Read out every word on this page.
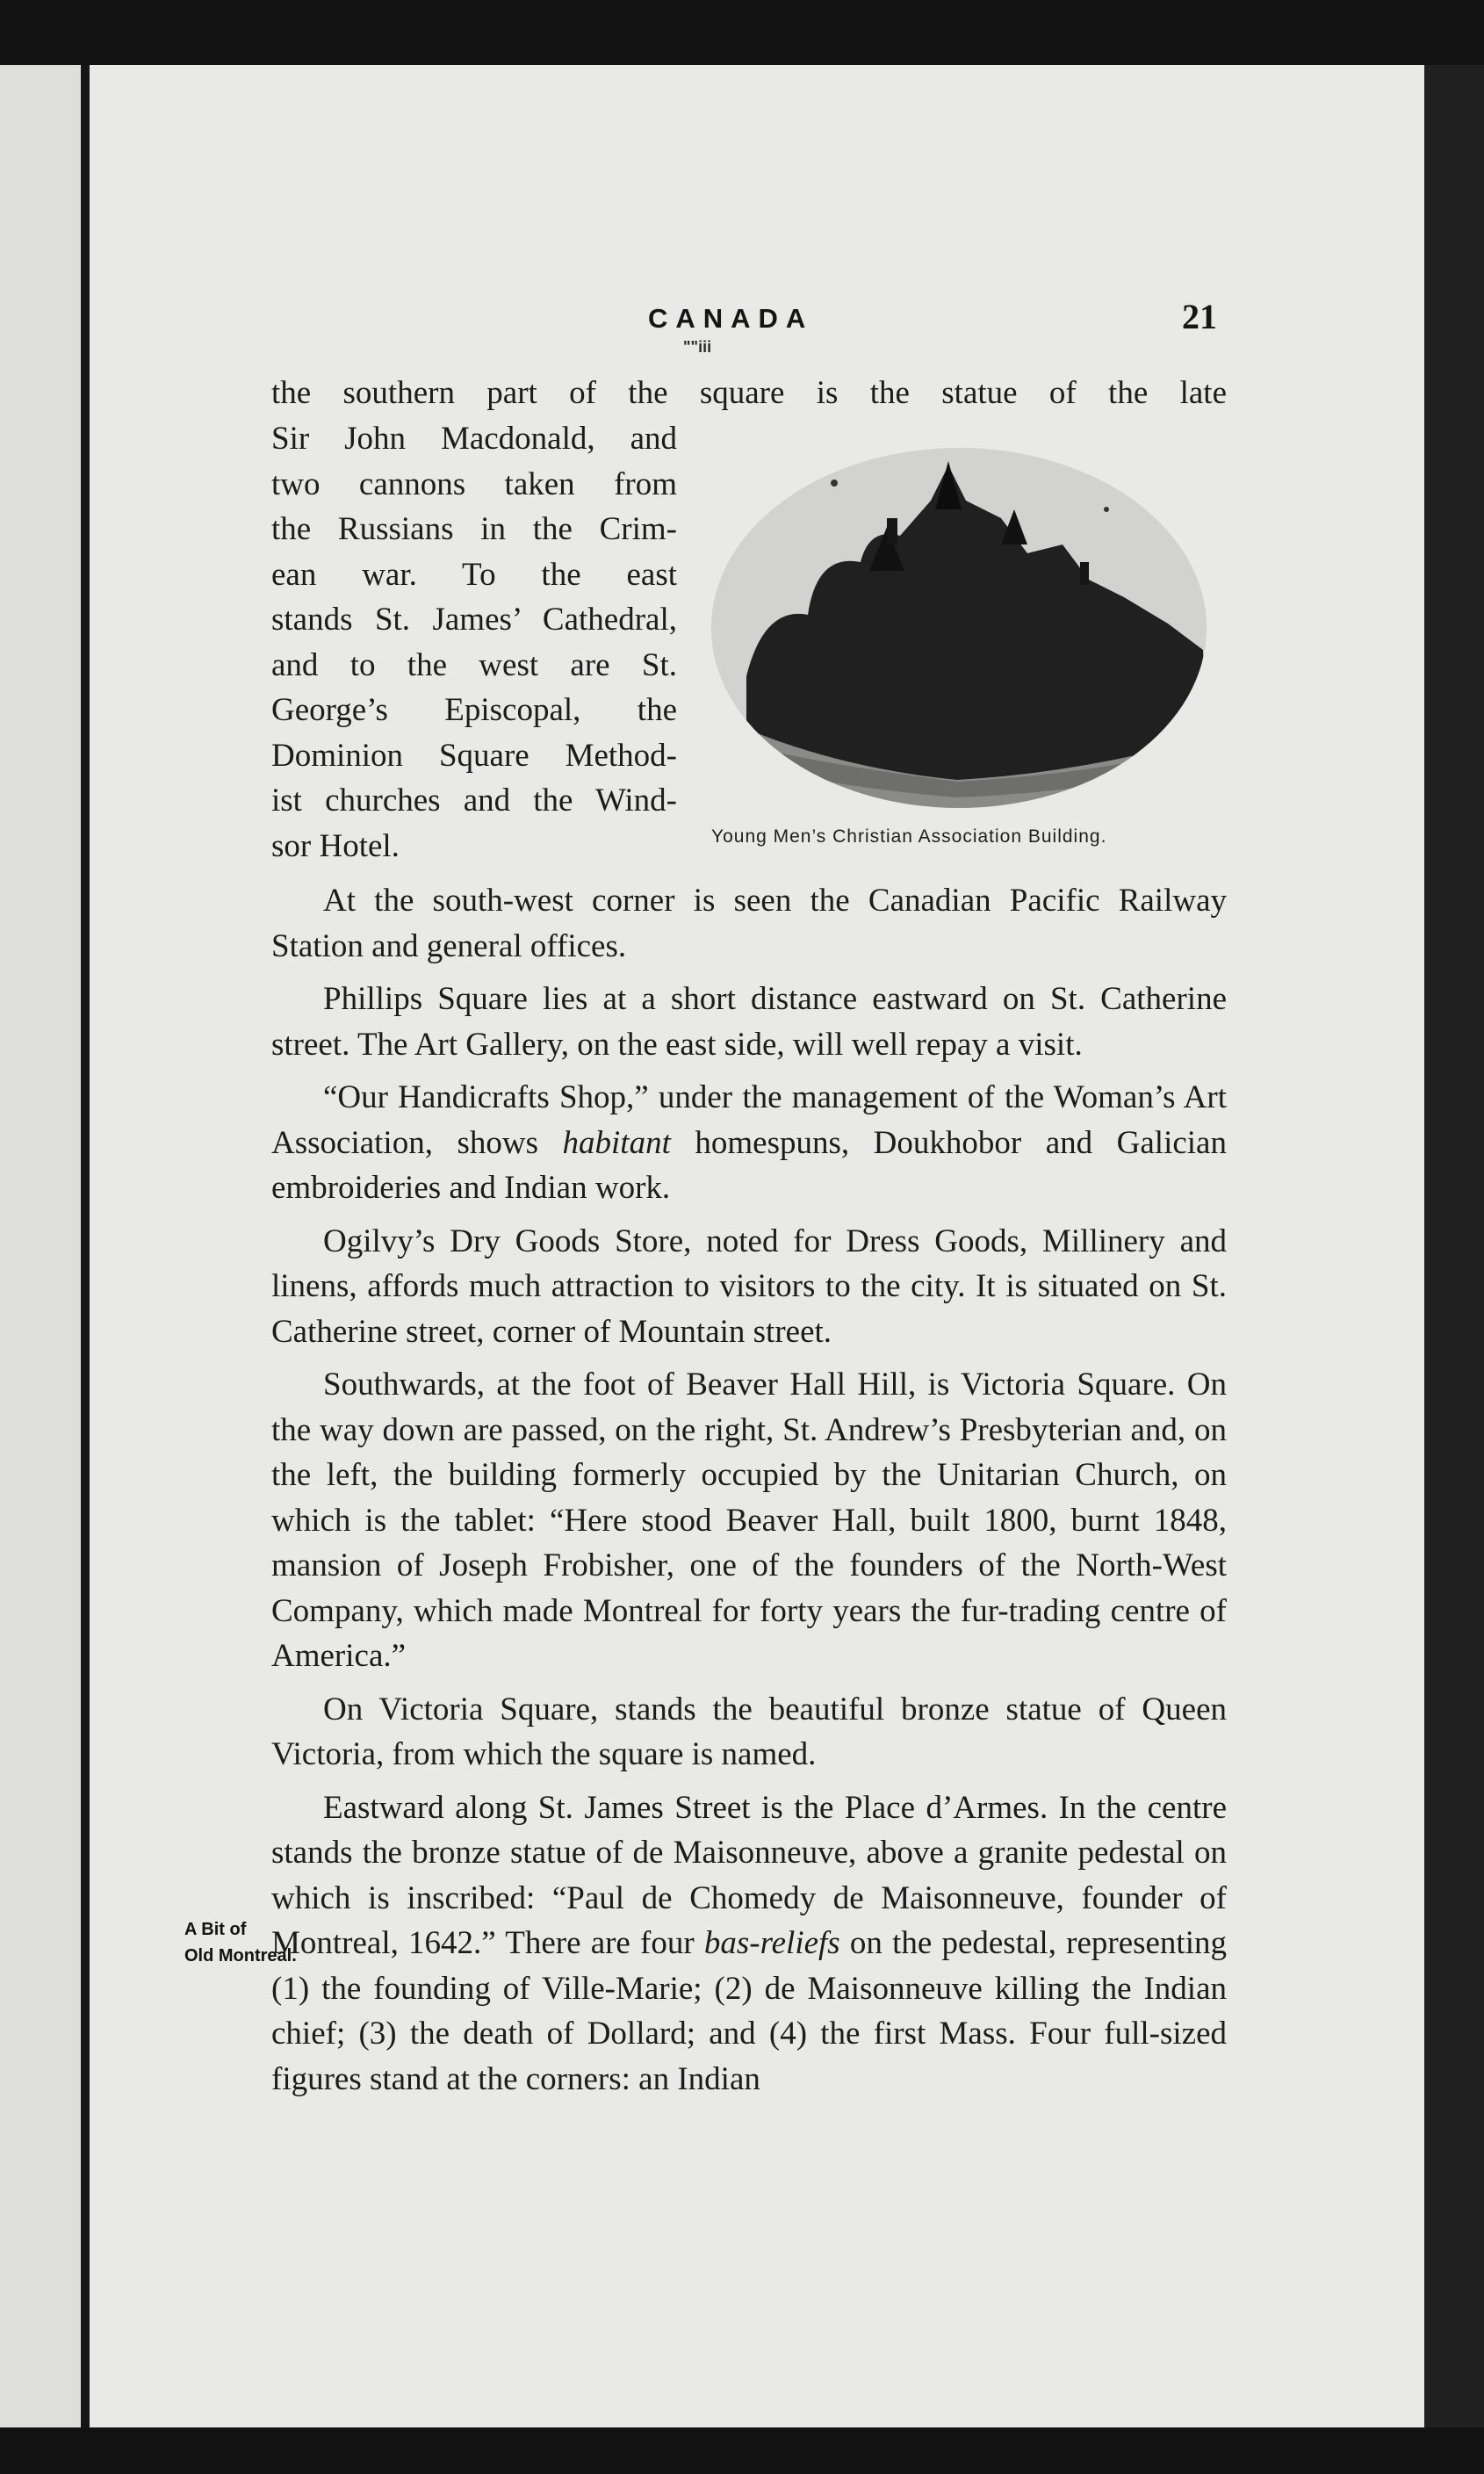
CANADA	21
""iii
the southern part of the square is the statue of the late
Sir John Macdonald, and
two cannons taken from
the Russians in the Crim-
ean war. To the east
stands St. James’ Cathedral,
and to the west are St.
George’s Episcopal, the
Dominion Square Method-
ist churches and the Wind-
sor Hotel.	Young Men’s Christian Association Building.

At the south-west corner is seen the Canadian Pacific Railway Station and general offices.

Phillips Square lies at a short distance eastward on St. Catherine street. The Art Gallery, on the east side, will well repay a visit.

“Our Handicrafts Shop,” under the management of the Woman’s Art Association, shows habitant homespuns, Doukhobor and Galician embroideries and Indian work.

Ogilvy’s Dry Goods Store, noted for Dress Goods, Millinery and linens, affords much attraction to visitors to the city. It is situated on St. Catherine street, corner of Mountain street.

Southwards, at the foot of Beaver Hall Hill, is Victoria Square. On the way down are passed, on the right, St. Andrew’s Presbyterian and, on the left, the building formerly occupied by the Unitarian Church, on which is the tablet: “Here stood Beaver Hall, built 1800, burnt 1848, mansion of Joseph Frobisher, one of the founders of the North-West Company, which made Montreal for forty years the fur-trading centre of America.”

On Victoria Square, stands the beautiful bronze statue of Queen Victoria, from which the square is named.

Eastward along St. James Street is the Place d’Armes. In the centre stands the bronze statue of de Maisonneuve, above a granite pedestal on which is inscribed: “Paul de Chomedy de Maisonneuve, founder of Montreal, 1642.” There are four bas-reliefs on the pedestal, representing (1) the founding of Ville-Marie; (2) de Maisonneuve killing the Indian chief; (3) the death of Dollard; and (4) the first Mass. Four full-sized figures stand at the corners: an Indian

A Bit of
Old Montreal.
